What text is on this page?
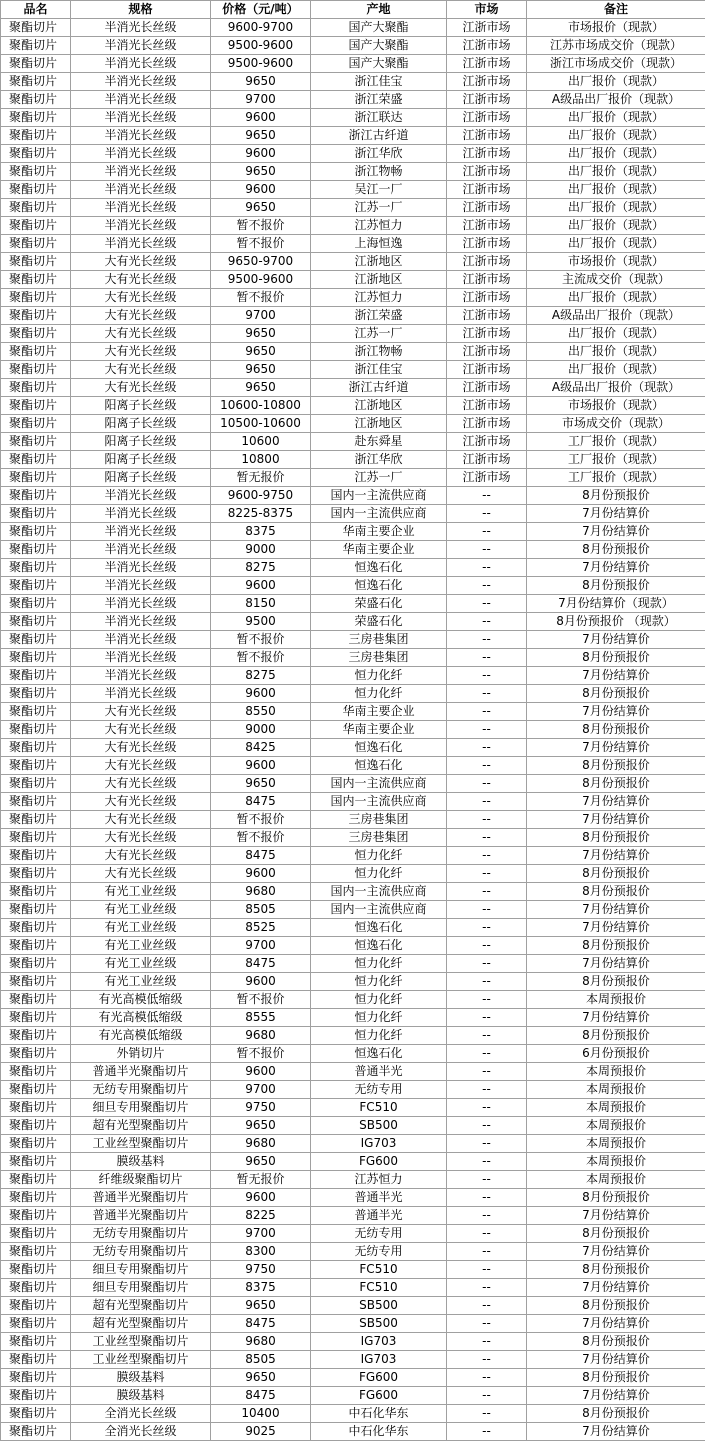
品名	规格	价格（元/吨）	产地	市场	备注
聚酯切片	半消光长丝级	9600-9700	国产大聚酯	江浙市场	市场报价（现款）
聚酯切片	半消光长丝级	9500-9600	国产大聚酯	江浙市场	江苏市场成交价（现款）
聚酯切片	半消光长丝级	9500-9600	国产大聚酯	江浙市场	浙江市场成交价（现款）
聚酯切片	半消光长丝级	9650	浙江佳宝	江浙市场	出厂报价（现款）
聚酯切片	半消光长丝级	9700	浙江荣盛	江浙市场	A级品出厂报价（现款）
聚酯切片	半消光长丝级	9600	浙江联达	江浙市场	出厂报价（现款）
聚酯切片	半消光长丝级	9650	浙江古纤道	江浙市场	出厂报价（现款）
聚酯切片	半消光长丝级	9600	浙江华欣	江浙市场	出厂报价（现款）
聚酯切片	半消光长丝级	9650	浙江物畅	江浙市场	出厂报价（现款）
聚酯切片	半消光长丝级	9600	吴江一厂	江浙市场	出厂报价（现款）
聚酯切片	半消光长丝级	9650	江苏一厂	江浙市场	出厂报价（现款）
聚酯切片	半消光长丝级	暂不报价	江苏恒力	江浙市场	出厂报价（现款）
聚酯切片	半消光长丝级	暂不报价	上海恒逸	江浙市场	出厂报价（现款）
聚酯切片	大有光长丝级	9650-9700	江浙地区	江浙市场	市场报价（现款）
聚酯切片	大有光长丝级	9500-9600	江浙地区	江浙市场	主流成交价（现款）
聚酯切片	大有光长丝级	暂不报价	江苏恒力	江浙市场	出厂报价（现款）
聚酯切片	大有光长丝级	9700	浙江荣盛	江浙市场	A级品出厂报价（现款）
聚酯切片	大有光长丝级	9650	江苏一厂	江浙市场	出厂报价（现款）
聚酯切片	大有光长丝级	9650	浙江物畅	江浙市场	出厂报价（现款）
聚酯切片	大有光长丝级	9650	浙江佳宝	江浙市场	出厂报价（现款）
聚酯切片	大有光长丝级	9650	浙江古纤道	江浙市场	A级品出厂报价（现款）
聚酯切片	阳离子长丝级	10600-10800	江浙地区	江浙市场	市场报价（现款）
聚酯切片	阳离子长丝级	10500-10600	江浙地区	江浙市场	市场成交价（现款）
聚酯切片	阳离子长丝级	10600	赴东舜星	江浙市场	工厂报价（现款）
聚酯切片	阳离子长丝级	10800	浙江华欣	江浙市场	工厂报价（现款）
聚酯切片	阳离子长丝级	暂无报价	江苏一厂	江浙市场	工厂报价（现款）
聚酯切片	半消光长丝级	9600-9750	国内一主流供应商	--	8月份预报价
聚酯切片	半消光长丝级	8225-8375	国内一主流供应商	--	7月份结算价
聚酯切片	半消光长丝级	8375	华南主要企业	--	7月份结算价
聚酯切片	半消光长丝级	9000	华南主要企业	--	8月份预报价
聚酯切片	半消光长丝级	8275	恒逸石化	--	7月份结算价
聚酯切片	半消光长丝级	9600	恒逸石化	--	8月份预报价
聚酯切片	半消光长丝级	8150	荣盛石化	--	7月份结算价（现款）
聚酯切片	半消光长丝级	9500	荣盛石化	--	8月份预报价 （现款）
聚酯切片	半消光长丝级	暂不报价	三房巷集团	--	7月份结算价
聚酯切片	半消光长丝级	暂不报价	三房巷集团	--	8月份预报价
聚酯切片	半消光长丝级	8275	恒力化纤	--	7月份结算价
聚酯切片	半消光长丝级	9600	恒力化纤	--	8月份预报价
聚酯切片	大有光长丝级	8550	华南主要企业	--	7月份结算价
聚酯切片	大有光长丝级	9000	华南主要企业	--	8月份预报价
聚酯切片	大有光长丝级	8425	恒逸石化	--	7月份结算价
聚酯切片	大有光长丝级	9600	恒逸石化	--	8月份预报价
聚酯切片	大有光长丝级	9650	国内一主流供应商	--	8月份预报价
聚酯切片	大有光长丝级	8475	国内一主流供应商	--	7月份结算价
聚酯切片	大有光长丝级	暂不报价	三房巷集团	--	7月份结算价
聚酯切片	大有光长丝级	暂不报价	三房巷集团	--	8月份预报价
聚酯切片	大有光长丝级	8475	恒力化纤	--	7月份结算价
聚酯切片	大有光长丝级	9600	恒力化纤	--	8月份预报价
聚酯切片	有光工业丝级	9680	国内一主流供应商	--	8月份预报价
聚酯切片	有光工业丝级	8505	国内一主流供应商	--	7月份结算价
聚酯切片	有光工业丝级	8525	恒逸石化	--	7月份结算价
聚酯切片	有光工业丝级	9700	恒逸石化	--	8月份预报价
聚酯切片	有光工业丝级	8475	恒力化纤	--	7月份结算价
聚酯切片	有光工业丝级	9600	恒力化纤	--	8月份预报价
聚酯切片	有光高模低缩级	暂不报价	恒力化纤	--	本周预报价
聚酯切片	有光高模低缩级	8555	恒力化纤	--	7月份结算价
聚酯切片	有光高模低缩级	9680	恒力化纤	--	8月份预报价
聚酯切片	外销切片	暂不报价	恒逸石化	--	6月份预报价
聚酯切片	普通半光聚酯切片	9600	普通半光	--	本周预报价
聚酯切片	无纺专用聚酯切片	9700	无纺专用	--	本周预报价
聚酯切片	细旦专用聚酯切片	9750	FC510	--	本周预报价
聚酯切片	超有光型聚酯切片	9650	SB500	--	本周预报价
聚酯切片	工业丝型聚酯切片	9680	IG703	--	本周预报价
聚酯切片	膜级基料	9650	FG600	--	本周预报价
聚酯切片	纤维级聚酯切片	暂无报价	江苏恒力	--	本周预报价
聚酯切片	普通半光聚酯切片	9600	普通半光	--	8月份预报价
聚酯切片	普通半光聚酯切片	8225	普通半光	--	7月份结算价
聚酯切片	无纺专用聚酯切片	9700	无纺专用	--	8月份预报价
聚酯切片	无纺专用聚酯切片	8300	无纺专用	--	7月份结算价
聚酯切片	细旦专用聚酯切片	9750	FC510	--	8月份预报价
聚酯切片	细旦专用聚酯切片	8375	FC510	--	7月份结算价
聚酯切片	超有光型聚酯切片	9650	SB500	--	8月份预报价
聚酯切片	超有光型聚酯切片	8475	SB500	--	7月份结算价
聚酯切片	工业丝型聚酯切片	9680	IG703	--	8月份预报价
聚酯切片	工业丝型聚酯切片	8505	IG703	--	7月份结算价
聚酯切片	膜级基料	9650	FG600	--	8月份预报价
聚酯切片	膜级基料	8475	FG600	--	7月份结算价
聚酯切片	全消光长丝级	10400	中石化华东	--	8月份预报价
聚酯切片	全消光长丝级	9025	中石化华东	--	7月份结算价
